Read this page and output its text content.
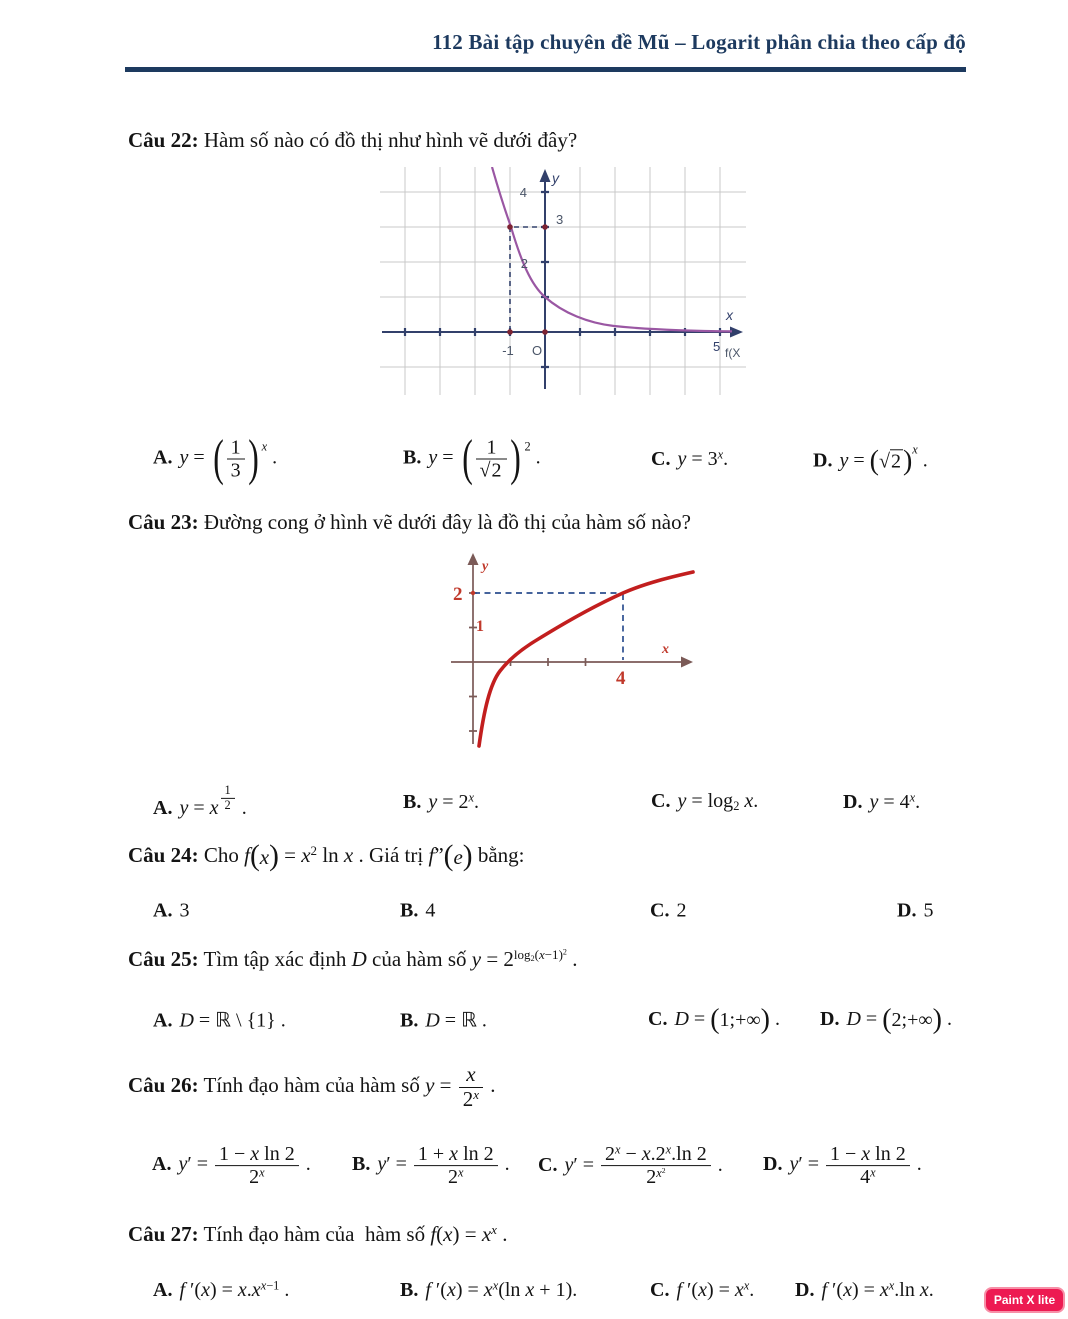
112 Bài tập chuyên đề Mũ – Logarit phân chia theo cấp độ
4
3
2
-1 O	5 f(X
x
y
2
1
4
x
y
Paint X lite
Câu 22: Hàm số nào có đồ thị như hình vẽ dưới đây?
A. y = ( $\frac{1}{3}$ ) $^x$ .	B. y = ( $\frac{1}{√2}$ ) $^2$ .	C. $y = 3^x$.	D. y = ( √2 ) $^x$ .
Câu 23: Đường cong ở hình vẽ dưới đây là đồ thị của hàm số nào?
A. y = x $^{\frac{1}{2}}$ .	B. $y = 2^x$.	C. y = log2 x.	D. $y = 4^x$.
Câu 24: Cho f ( x ) = $x^2$ ln x . Giá trị f” ( e ) bằng:
A. 3	B. 4	C. 2	D. 5
Câu 25: Tìm tập xác định D của hàm số $y = 2^{log2(x-1)^2}$ .
A. D = ℝ \ {1} .	B. D = ℝ .	C. D = ( 1;+∞ ) . D. D = ( 2;+∞ ) .
Câu 26: Tính đạo hàm của hàm số $y = \frac{x}{2^x}$ .
A. $y' = \frac{\text{1 − x ln 2}}{2^x}$ . B. $y' = \frac{\text{1 + x ln 2}}{2^x}$ . C. $y' = \frac{2^x - x.2^x.\ln 2}{2^{x^2}}$ . D. $y' = \frac{\text{1 − x ln 2}}{4^x}$ .
Câu 27: Tính đạo hàm của  hàm số $f(x) = x^x$ .
A. f $'(x) = x.x^{x-1}$ .	B. f $'(x) = x^x(\ln$ x + 1).	C. f $'(x) = x^x$. D. f $'(x) = x^x.\ln$ x.
